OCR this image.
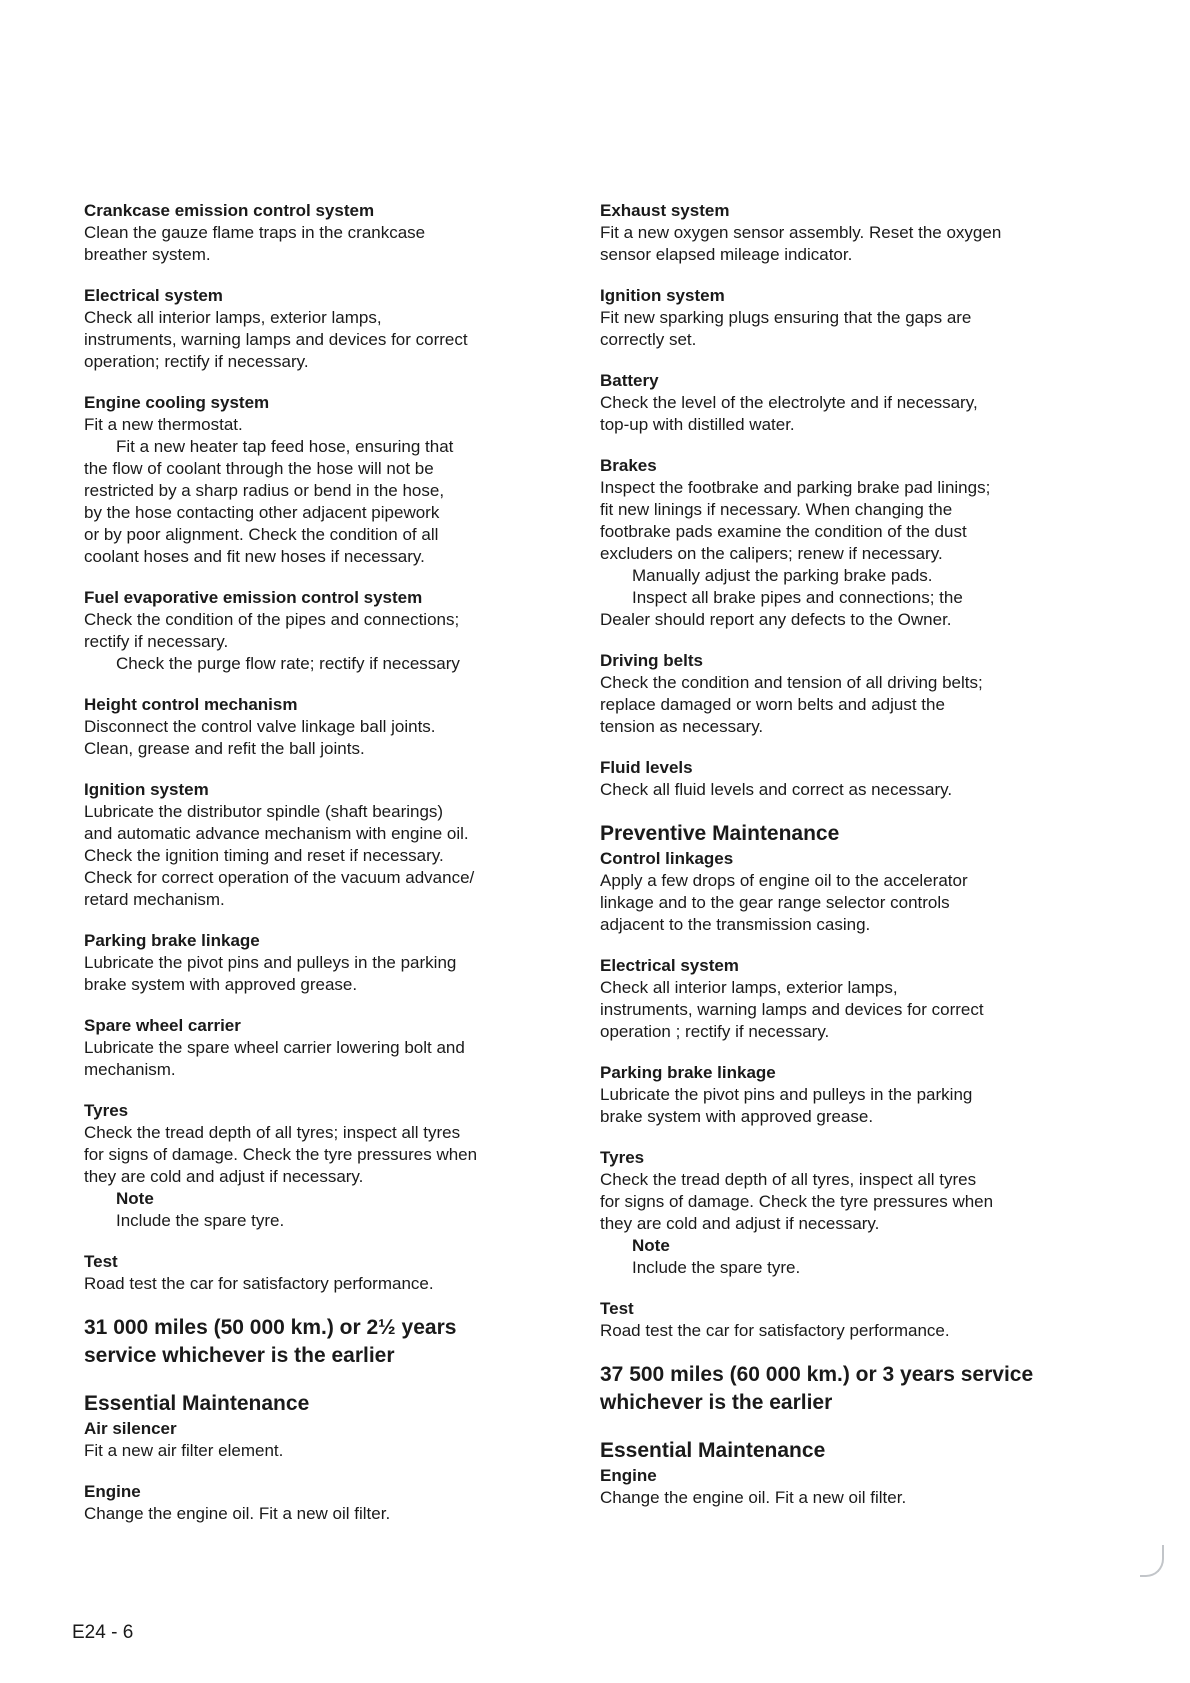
Crankcase emission control system
Clean the gauze flame traps in the crankcase
breather system.
Electrical system
Check all interior lamps, exterior lamps,
instruments, warning lamps and devices for correct
operation; rectify if necessary.
Engine cooling system
Fit a new thermostat.
Fit a new heater tap feed hose, ensuring that
the flow of coolant through the hose will not be
restricted by a sharp radius or bend in the hose,
by the hose contacting other adjacent pipework
or by poor alignment. Check the condition of all
coolant hoses and fit new hoses if necessary.
Fuel evaporative emission control system
Check the condition of the pipes and connections;
rectify if necessary.
Check the purge flow rate; rectify if necessary
Height control mechanism
Disconnect the control valve linkage ball joints.
Clean, grease and refit the ball joints.
Ignition system
Lubricate the distributor spindle (shaft bearings)
and automatic advance mechanism with engine oil.
Check the ignition timing and reset if necessary.
Check for correct operation of the vacuum advance/
retard mechanism.
Parking brake linkage
Lubricate the pivot pins and pulleys in the parking
brake system with approved grease.
Spare wheel carrier
Lubricate the spare wheel carrier lowering bolt and
mechanism.
Tyres
Check the tread depth of all tyres; inspect all tyres
for signs of damage. Check the tyre pressures when
they are cold and adjust if necessary.
Note
Include the spare tyre.
Test
Road test the car for satisfactory performance.
31 000 miles (50 000 km.) or 2½ years
service whichever is the earlier
Essential Maintenance
Air silencer
Fit a new air filter element.
Engine
Change the engine oil. Fit a new oil filter.
Exhaust system
Fit a new oxygen sensor assembly. Reset the oxygen
sensor elapsed mileage indicator.
Ignition system
Fit new sparking plugs ensuring that the gaps are
correctly set.
Battery
Check the level of the electrolyte and if necessary,
top-up with distilled water.
Brakes
Inspect the footbrake and parking brake pad linings;
fit new linings if necessary. When changing the
footbrake pads examine the condition of the dust
excluders on the calipers; renew if necessary.
Manually adjust the parking brake pads.
Inspect all brake pipes and connections; the
Dealer should report any defects to the Owner.
Driving belts
Check the condition and tension of all driving belts;
replace damaged or worn belts and adjust the
tension as necessary.
Fluid levels
Check all fluid levels and correct as necessary.
Preventive Maintenance
Control linkages
Apply a few drops of engine oil to the accelerator
linkage and to the gear range selector controls
adjacent to the transmission casing.
Electrical system
Check all interior lamps, exterior lamps,
instruments, warning lamps and devices for correct
operation ; rectify if necessary.
Parking brake linkage
Lubricate the pivot pins and pulleys in the parking
brake system with approved grease.
Tyres
Check the tread depth of all tyres, inspect all tyres
for signs of damage. Check the tyre pressures when
they are cold and adjust if necessary.
Note
Include the spare tyre.
Test
Road test the car for satisfactory performance.
37 500 miles (60 000 km.) or 3 years service
whichever is the earlier
Essential Maintenance
Engine
Change the engine oil. Fit a new oil filter.
E24 - 6
